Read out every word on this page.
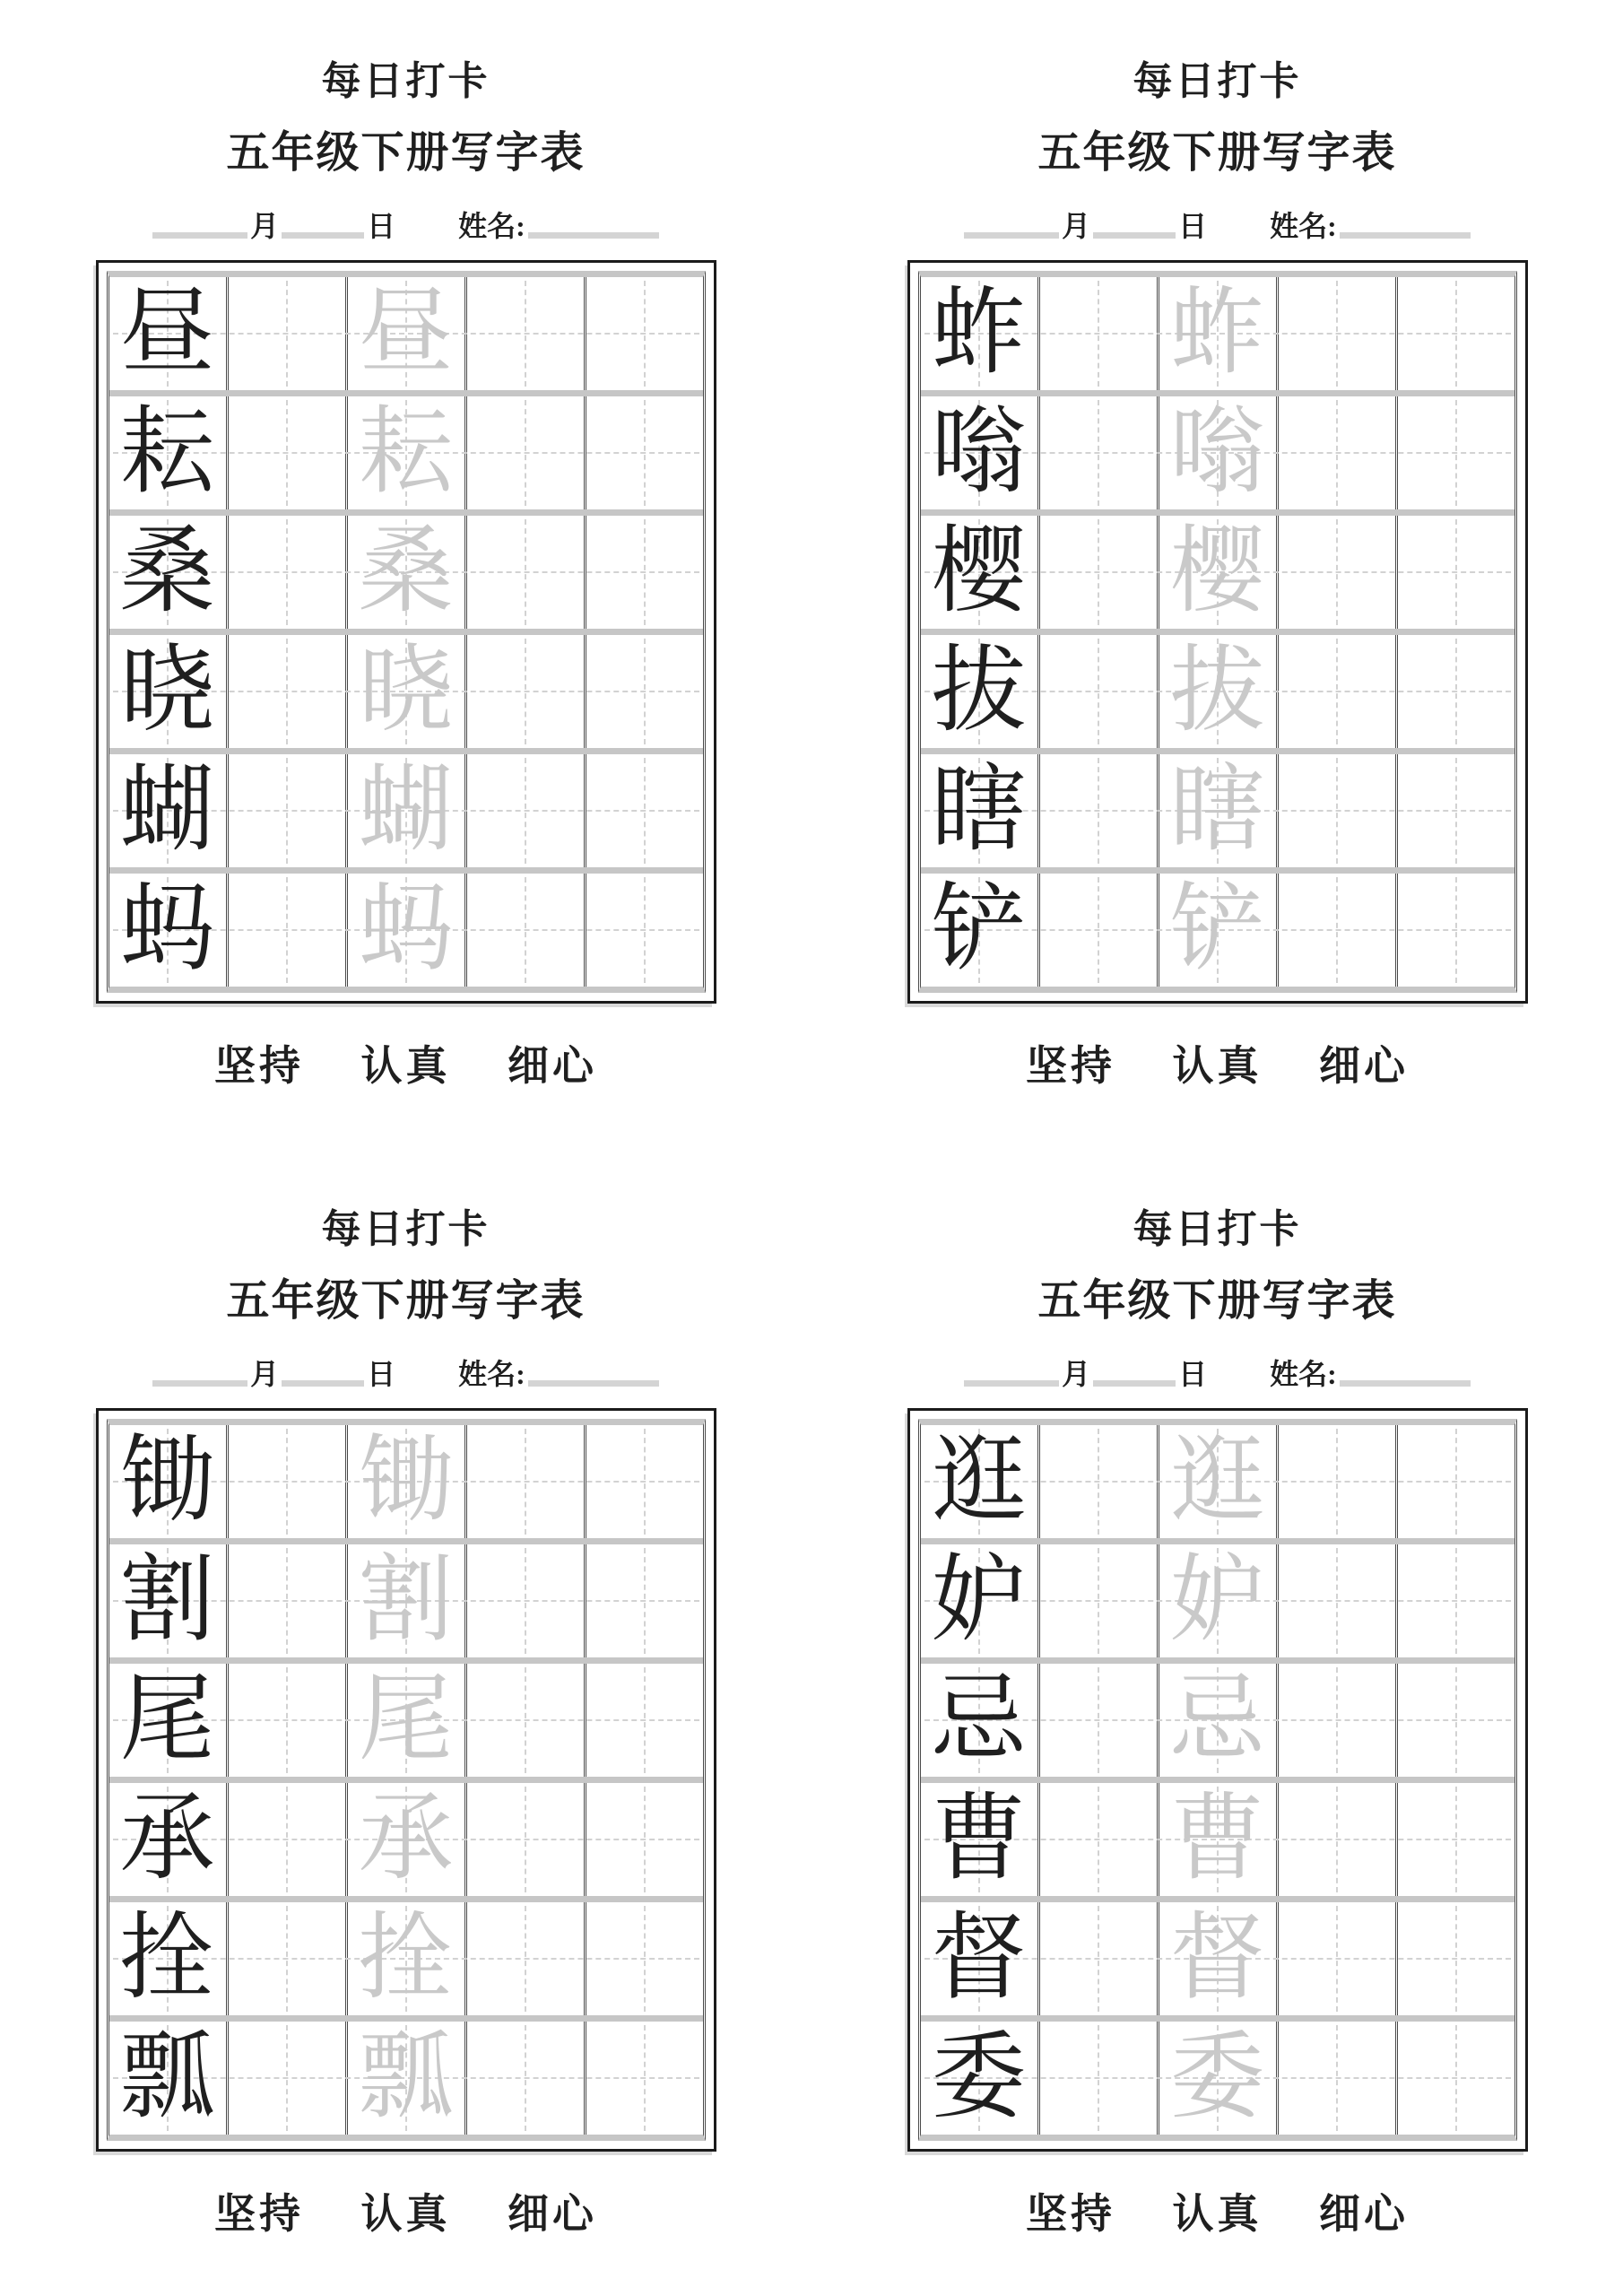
每日打卡
五年级下册写字表
月	日 姓名:
昼 昼
耘 耘
桑 桑
晓 晓
蝴 蝴
蚂 蚂
坚持 认真 细心
每日打卡
五年级下册写字表
月	日 姓名:
蚱 蚱
嗡 嗡
樱 樱
拔 拔
瞎 瞎
铲 铲
坚持 认真 细心
每日打卡
五年级下册写字表
月	日 姓名:
锄 锄
割 割
尾 尾
承 承
拴 拴
瓢 瓢
坚持 认真 细心
每日打卡
五年级下册写字表
月	日 姓名:
逛 逛
妒 妒
忌 忌
曹 曹
督 督
委 委
坚持 认真 细心
